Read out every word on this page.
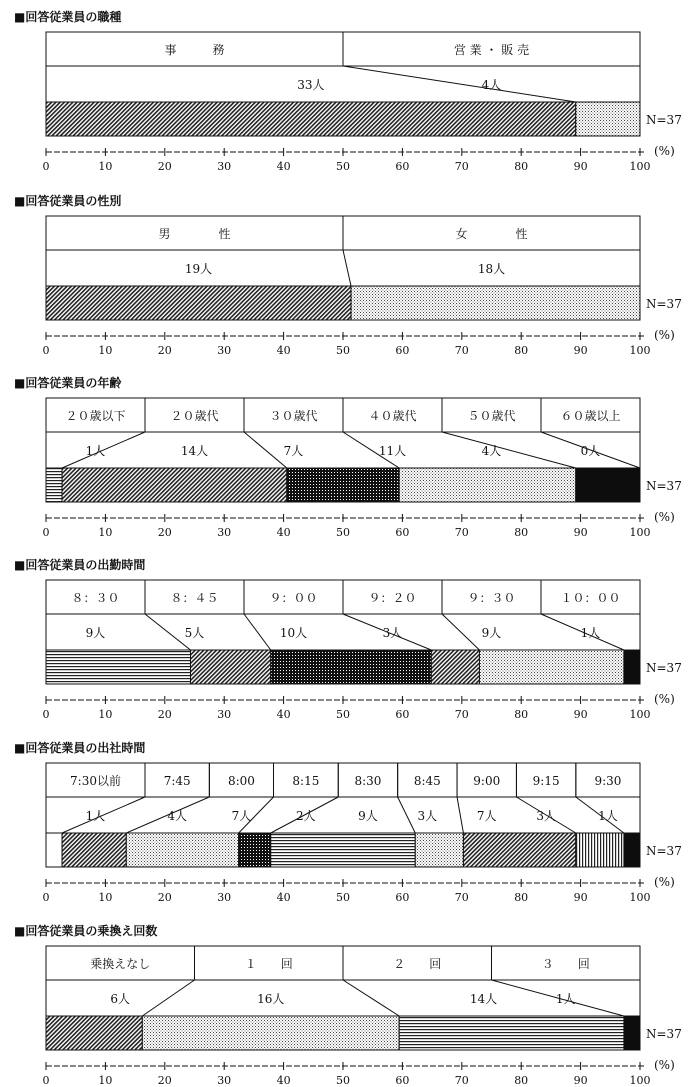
■回答従業員の職種
事　　　務	営 業 ・ 販 売
33人	4人
N=37
0	10	20	30	40	50	60	70	80	90	100
(%)
■回答従業員の性別
男　　　　性	女　　　　性
19人	18人
N=37
0	10	20	30	40	50	60	70	80	90	100
(%)
■回答従業員の年齢
２０歳以下	２０歳代	３０歳代	４０歳代	５０歳代	６０歳以上
1人	14人	7人	11人	4人	0人
N=37
0	10	20	30	40	50	60	70	80	90	100
(%)
■回答従業員の出勤時間
８：３０	８：４５	９：００	９：２０	９：３０	１０：００
9人	5人	10人	3人	9人	1人
N=37
0	10	20	30	40	50	60	70	80	90	100
(%)
■回答従業員の出社時間
7:30以前	7:45	8:00	8:15	8:30	8:45	9:00	9:15	9:30
1人	4人	7人	2人	9人	3人	7人	3人	1人
N=37
0	10	20	30	40	50	60	70	80	90	100
(%)
■回答従業員の乗換え回数
乗換えなし	１　　回	２　　回	３　　回
6人	16人	14人	1人
N=37
0	10	20	30	40	50	60	70	80	90	100
(%)
